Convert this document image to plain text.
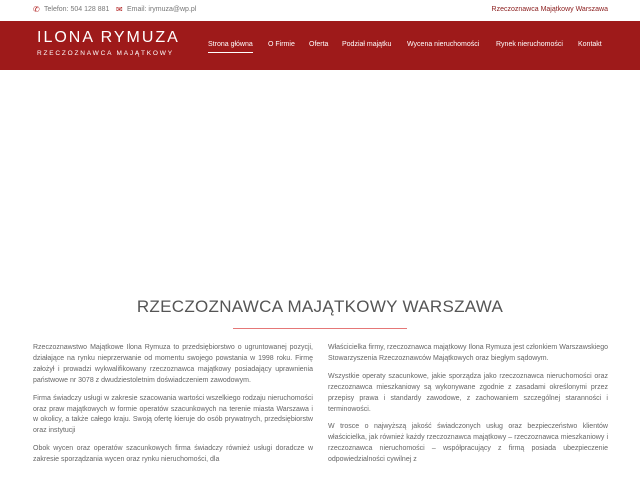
✆ Telefon: 504 128 881 ✉ Email: irymuza@wp.pl	Rzeczoznawca Majątkowy Warszawa
ILONA RYMUZA
RZECZOZNAWCA MAJĄTKOWY
Strona główna O Firmie Oferta Podział majątku Wycena nieruchomości Rynek nieruchomości Kontakt
RZECZOZNAWCA MAJĄTKOWY WARSZAWA

Rzeczoznawstwo Majątkowe Ilona Rymuza to przedsiębiorstwo o ugruntowanej pozycji, działające na rynku nieprzerwanie od momentu swojego powstania w 1998 roku. Firmę założył i prowadzi wykwalifikowany rzeczoznawca majątkowy posiadający uprawnienia państwowe nr 3078 z dwudziestoletnim doświadczeniem zawodowym.

Firma świadczy usługi w zakresie szacowania wartości wszelkiego rodzaju nieruchomości oraz praw majątkowych w formie operatów szacunkowych na terenie miasta Warszawa i w okolicy, a także całego kraju. Swoją ofertę kieruje do osób prywatnych, przedsiębiorstw oraz instytucji

Obok wycen oraz operatów szacunkowych firma świadczy również usługi doradcze w zakresie sporządzania wycen oraz rynku nieruchomości, dla

Właścicielka firmy, rzeczoznawca majątkowy Ilona Rymuza jest członkiem Warszawskiego Stowarzyszenia Rzeczoznawców Majątkowych oraz biegłym sądowym.

Wszystkie operaty szacunkowe, jakie sporządza jako rzeczoznawca nieruchomości oraz rzeczoznawca mieszkaniowy są wykonywane zgodnie z zasadami określonymi przez przepisy prawa i standardy zawodowe, z zachowaniem szczególnej staranności i terminowości.

W trosce o najwyższą jakość świadczonych usług oraz bezpieczeństwo klientów właścicielka, jak również każdy rzeczoznawca majątkowy – rzeczoznawca mieszkaniowy i rzeczoznawca nieruchomości – współpracujący z firmą posiada ubezpieczenie odpowiedzialności cywilnej z
